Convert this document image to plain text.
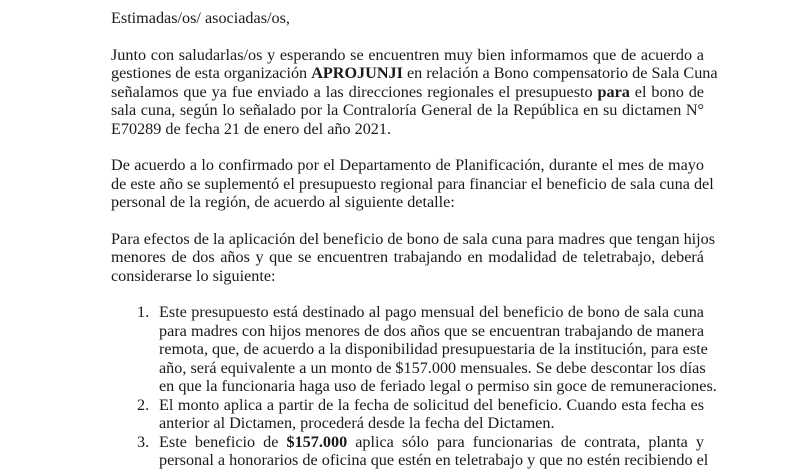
Estimadas/os/ asociadas/os,
Junto con saludarlas/os y esperando se encuentren muy bien informamos que de acuerdo a
gestiones de esta organización APROJUNJI en relación a Bono compensatorio de Sala Cuna
señalamos que ya fue enviado a las direcciones regionales el presupuesto para el bono de
sala cuna, según lo señalado por la Contraloría General de la República en su dictamen N°
E70289 de fecha 21 de enero del año 2021.
De acuerdo a lo confirmado por el Departamento de Planificación, durante el mes de mayo
de este año se suplementó el presupuesto regional para financiar el beneficio de sala cuna del
personal de la región, de acuerdo al siguiente detalle:
Para efectos de la aplicación del beneficio de bono de sala cuna para madres que tengan hijos
menores de dos años y que se encuentren trabajando en modalidad de teletrabajo, deberá
considerarse lo siguiente:
1. Este presupuesto está destinado al pago mensual del beneficio de bono de sala cuna
para madres con hijos menores de dos años que se encuentran trabajando de manera
remota, que, de acuerdo a la disponibilidad presupuestaria de la institución, para este
año, será equivalente a un monto de $157.000 mensuales. Se debe descontar los días
en que la funcionaria haga uso de feriado legal o permiso sin goce de remuneraciones.
2. El monto aplica a partir de la fecha de solicitud del beneficio. Cuando esta fecha es
anterior al Dictamen, procederá desde la fecha del Dictamen.
3. Este beneficio de $157.000 aplica sólo para funcionarias de contrata, planta y
personal a honorarios de oficina que estén en teletrabajo y que no estén recibiendo el
